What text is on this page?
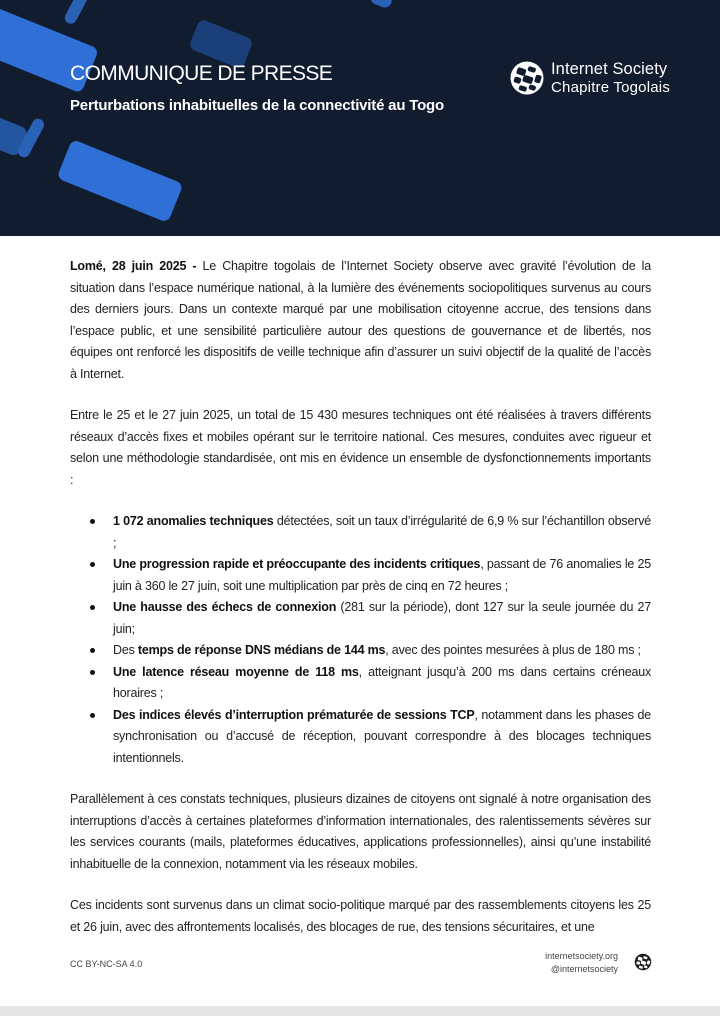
COMMUNIQUE DE PRESSE
Perturbations inhabituelles de la connectivité au Togo
Internet Society
Chapitre Togolais

Lomé, 28 juin 2025 - Le Chapitre togolais de l’Internet Society observe avec gravité l’évolution de la situation dans l’espace numérique national, à la lumière des événements sociopolitiques survenus au cours des derniers jours. Dans un contexte marqué par une mobilisation citoyenne accrue, des tensions dans l’espace public, et une sensibilité particulière autour des questions de gouvernance et de libertés, nos équipes ont renforcé les dispositifs de veille technique afin d’assurer un suivi objectif de la qualité de l’accès à Internet.

Entre le 25 et le 27 juin 2025, un total de 15 430 mesures techniques ont été réalisées à travers différents réseaux d’accès fixes et mobiles opérant sur le territoire national. Ces mesures, conduites avec rigueur et selon une méthodologie standardisée, ont mis en évidence un ensemble de dysfonctionnements importants :

1 072 anomalies techniques détectées, soit un taux d’irrégularité de 6,9 % sur l’échantillon observé ;
Une progression rapide et préoccupante des incidents critiques, passant de 76 anomalies le 25 juin à 360 le 27 juin, soit une multiplication par près de cinq en 72 heures ;
Une hausse des échecs de connexion (281 sur la période), dont 127 sur la seule journée du 27 juin;
Des temps de réponse DNS médians de 144 ms, avec des pointes mesurées à plus de 180 ms ;
Une latence réseau moyenne de 118 ms, atteignant jusqu’à 200 ms dans certains créneaux horaires ;
Des indices élevés d’interruption prématurée de sessions TCP, notamment dans les phases de synchronisation ou d’accusé de réception, pouvant correspondre à des blocages techniques intentionnels.

Parallèlement à ces constats techniques, plusieurs dizaines de citoyens ont signalé à notre organisation des interruptions d’accès à certaines plateformes d’information internationales, des ralentissements sévères sur les services courants (mails, plateformes éducatives, applications professionnelles), ainsi qu’une instabilité inhabituelle de la connexion, notamment via les réseaux mobiles.

Ces incidents sont survenus dans un climat socio-politique marqué par des rassemblements citoyens les 25 et 26 juin, avec des affrontements localisés, des blocages de rue, des tensions sécuritaires, et une

CC BY-NC-SA 4.0
internetsociety.org
@internetsociety
